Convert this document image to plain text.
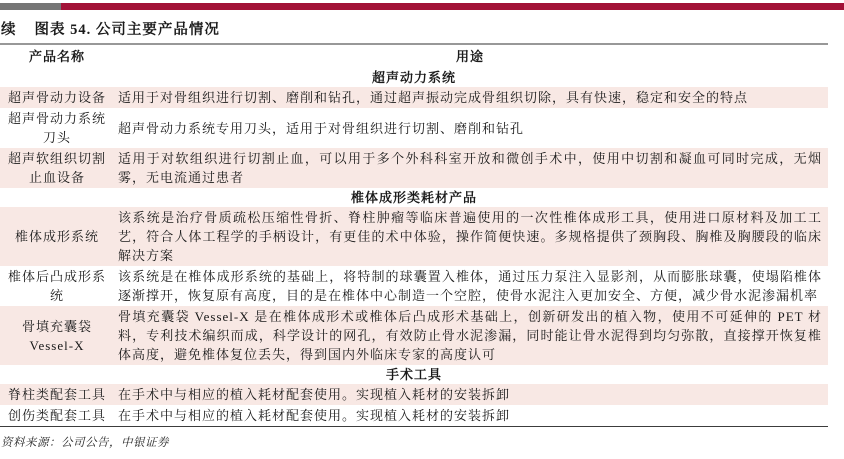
续 图表 54. 公司主要产品情况
产品名称	用途
超声动力系统
超声骨动力设备 适用于对骨组织进行切割、磨削和钻孔，通过超声振动完成骨组织切除，具有快速，稳定和安全的特点
超声骨动力系统刀头
超声骨动力系统专用刀头，适用于对骨组织进行切割、磨削和钻孔
超声软组织切割止血设备
适用于对软组织进行切割止血，可以用于多个外科科室开放和微创手术中，使用中切割和凝血可同时完成，无烟雾，无电流通过患者
椎体成形类耗材产品
椎体成形系统
该系统是治疗骨质疏松压缩性骨折、脊柱肿瘤等临床普遍使用的一次性椎体成形工具，使用进口原材料及加工工艺，符合人体工程学的手柄设计，有更佳的术中体验，操作简便快速。多规格提供了颈胸段、胸椎及胸腰段的临床解决方案
椎体后凸成形系统
该系统是在椎体成形系统的基础上，将特制的球囊置入椎体，通过压力泵注入显影剂，从而膨胀球囊，使塌陷椎体逐渐撑开，恢复原有高度，目的是在椎体中心制造一个空腔，使骨水泥注入更加安全、方便，减少骨水泥渗漏机率
骨填充囊袋 Vessel-X
骨填充囊袋 Vessel-X 是在椎体成形术或椎体后凸成形术基础上，创新研发出的植入物，使用不可延伸的 PET 材料，专利技术编织而成，科学设计的网孔，有效防止骨水泥渗漏，同时能让骨水泥得到均匀弥散，直接撑开恢复椎体高度，避免椎体复位丢失，得到国内外临床专家的高度认可
手术工具
脊柱类配套工具 在手术中与相应的植入耗材配套使用。实现植入耗材的安装拆卸
创伤类配套工具 在手术中与相应的植入耗材配套使用。实现植入耗材的安装拆卸
资料来源：公司公告，中银证券
